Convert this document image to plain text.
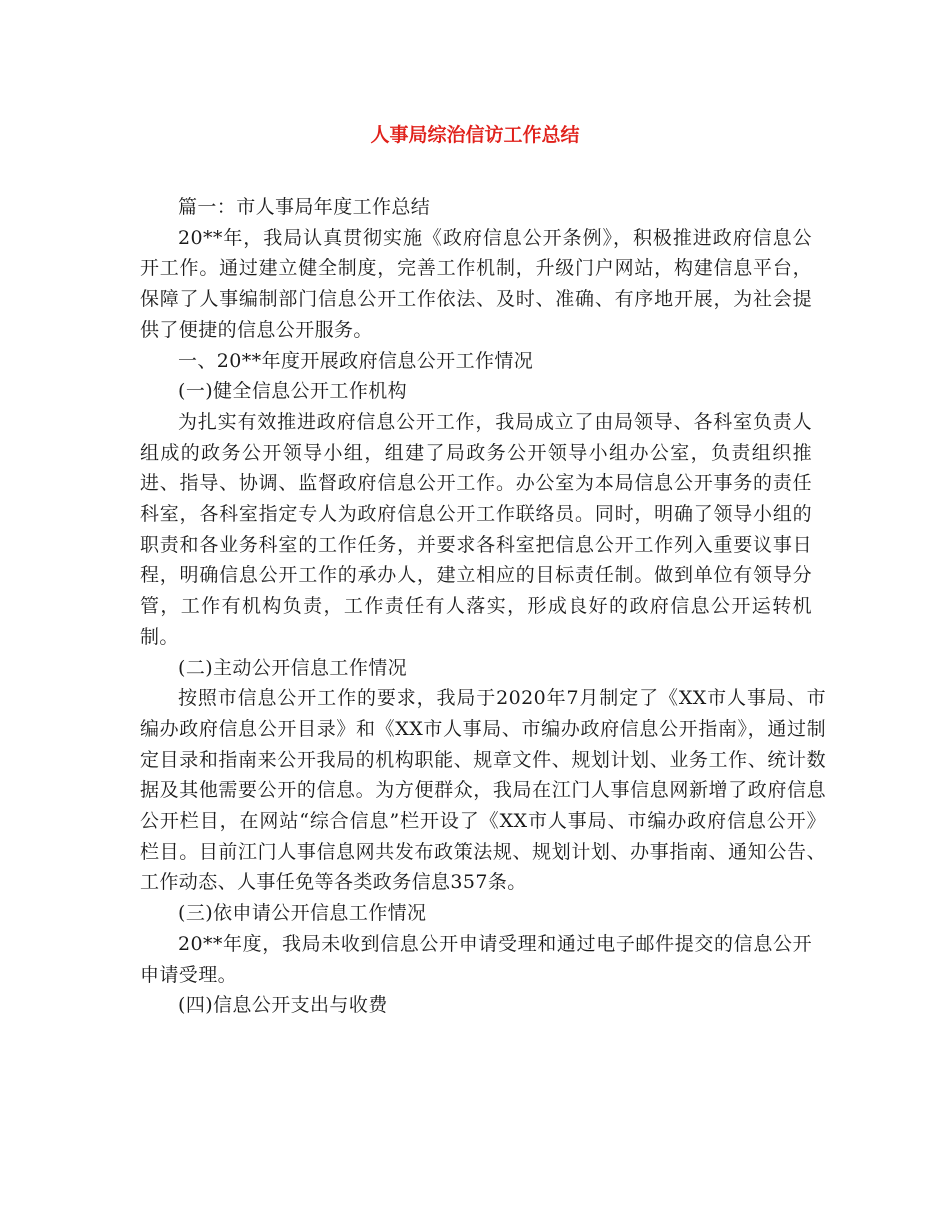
人事局综治信访工作总结

篇一：市人事局年度工作总结

20**年，我局认真贯彻实施《政府信息公开条例》，积极推进政府信息公开工作。通过建立健全制度，完善工作机制，升级门户网站，构建信息平台，保障了人事编制部门信息公开工作依法、及时、准确、有序地开展，为社会提供了便捷的信息公开服务。

一、20**年度开展政府信息公开工作情况

(一)健全信息公开工作机构

为扎实有效推进政府信息公开工作，我局成立了由局领导、各科室负责人组成的政务公开领导小组，组建了局政务公开领导小组办公室，负责组织推进、指导、协调、监督政府信息公开工作。办公室为本局信息公开事务的责任科室，各科室指定专人为政府信息公开工作联络员。同时，明确了领导小组的职责和各业务科室的工作任务，并要求各科室把信息公开工作列入重要议事日程，明确信息公开工作的承办人，建立相应的目标责任制。做到单位有领导分管，工作有机构负责，工作责任有人落实，形成良好的政府信息公开运转机制。

(二)主动公开信息工作情况

按照市信息公开工作的要求，我局于2020年7月制定了《XX市人事局、市编办政府信息公开目录》和《XX市人事局、市编办政府信息公开指南》，通过制定目录和指南来公开我局的机构职能、规章文件、规划计划、业务工作、统计数据及其他需要公开的信息。为方便群众，我局在江门人事信息网新增了政府信息公开栏目，在网站“综合信息”栏开设了《XX市人事局、市编办政府信息公开》栏目。目前江门人事信息网共发布政策法规、规划计划、办事指南、通知公告、工作动态、人事任免等各类政务信息357条。

(三)依申请公开信息工作情况

20**年度，我局未收到信息公开申请受理和通过电子邮件提交的信息公开申请受理。

(四)信息公开支出与收费
